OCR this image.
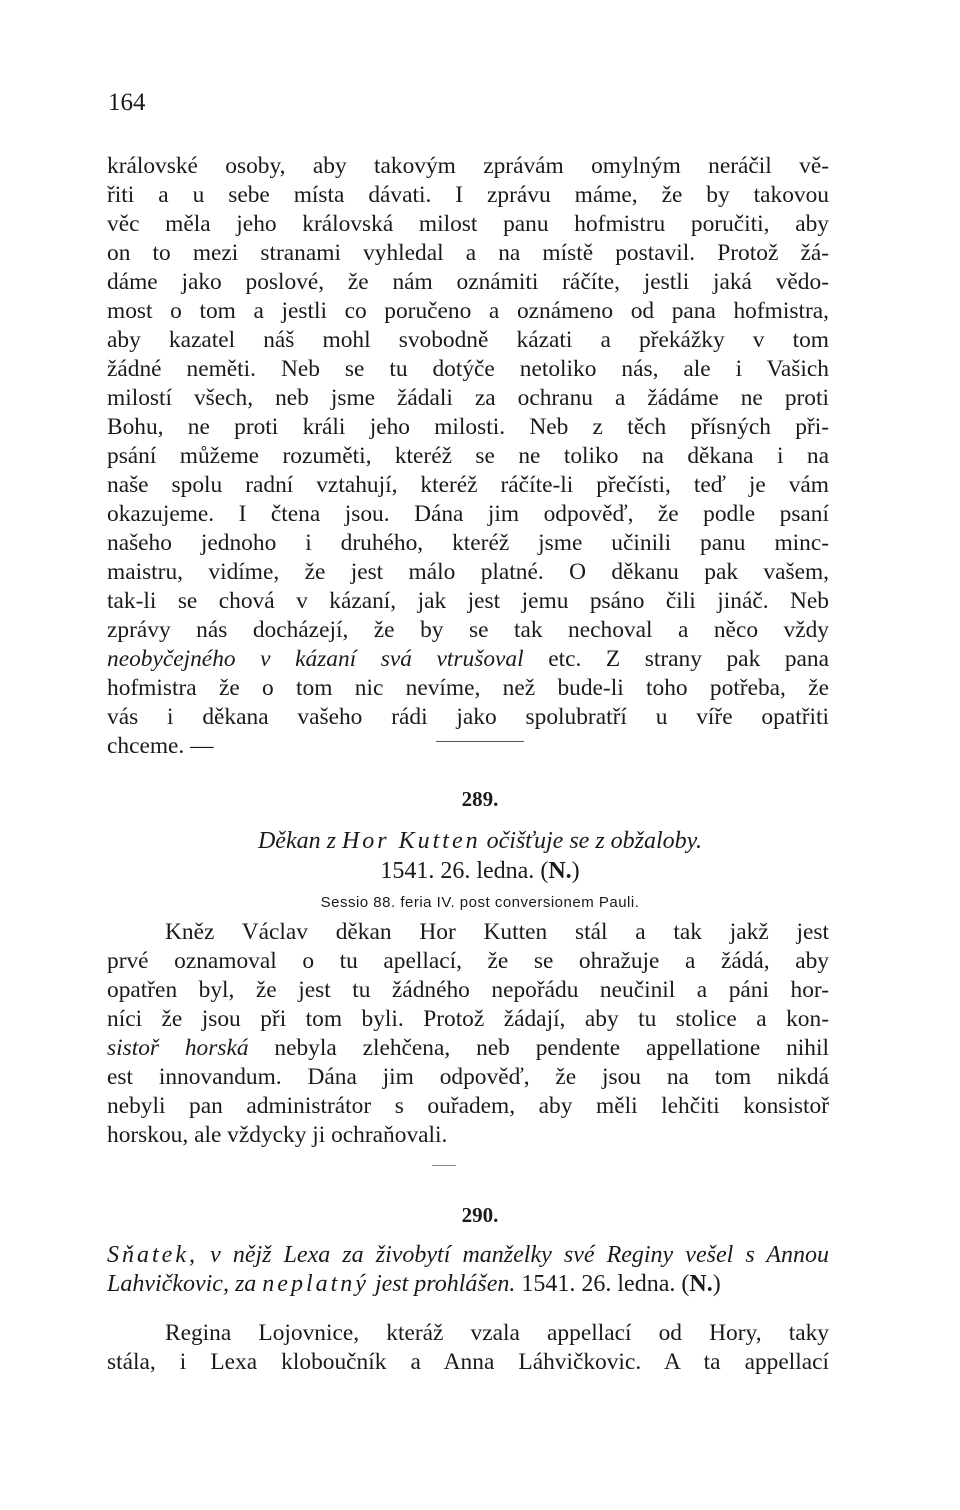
164
královské osoby, aby takovým zprávám omylným neráčil vě-
řiti a u sebe místa dávati. I zprávu máme, že by takovou
věc měla jeho královská milost panu hofmistru poručiti, aby
on to mezi stranami vyhledal a na místě postavil. Protož žá-
dáme jako poslové, že nám oznámiti ráčíte, jestli jaká vědo-
most o tom a jestli co poručeno a oznámeno od pana hofmistra,
aby kazatel náš mohl svobodně kázati a překážky v tom
žádné neměti. Neb se tu dotýče netoliko nás, ale i Vašich
milostí všech, neb jsme žádali za ochranu a žádáme ne proti
Bohu, ne proti králi jeho milosti. Neb z těch přísných při-
psání můžeme rozuměti, kteréž se ne toliko na děkana i na
naše spolu radní vztahují, kteréž ráčíte-li přečísti, teď je vám
okazujeme. I čtena jsou. Dána jim odpověď, že podle psaní
našeho jednoho i druhého, kteréž jsme učinili panu minc-
maistru, vidíme, že jest málo platné. O děkanu pak vašem,
tak-li se chová v kázaní, jak jest jemu psáno čili jináč. Neb
zprávy nás docházejí, že by se tak nechoval a něco vždy
neobyčejného v kázaní svá vtrušoval etc. Z strany pak pana
hofmistra že o tom nic nevíme, než bude-li toho potřeba, že
vás i děkana vašeho rádi jako spolubratří u víře opatřiti
chceme. —
289.
Děkan z Hor Kutten očišťuje se z obžaloby.
1541. 26. ledna. (N.)
Sessio 88. feria IV. post conversionem Pauli.
Kněz Václav děkan Hor Kutten stál a tak jakž jest
prvé oznamoval o tu apellací, že se ohražuje a žádá, aby
opatřen byl, že jest tu žádného nepořádu neučinil a páni hor-
níci že jsou při tom byli. Protož žádají, aby tu stolice a kon-
sistoř horská nebyla zlehčena, neb pendente appellatione nihil
est innovandum. Dána jim odpověď, že jsou na tom nikdá
nebyli pan administrátor s ouřadem, aby měli lehčiti konsistoř
horskou, ale vždycky ji ochraňovali.
290.
Sňatek, v nějž Lexa za živobytí manželky své Reginy vešel s Annou
Lahvičkovic, za neplatný jest prohlášen. 1541. 26. ledna. (N.)
Regina Lojovnice, kteráž vzala appellací od Hory, taky
stála, i Lexa kloboučník a Anna Láhvičkovic. A ta appellací
